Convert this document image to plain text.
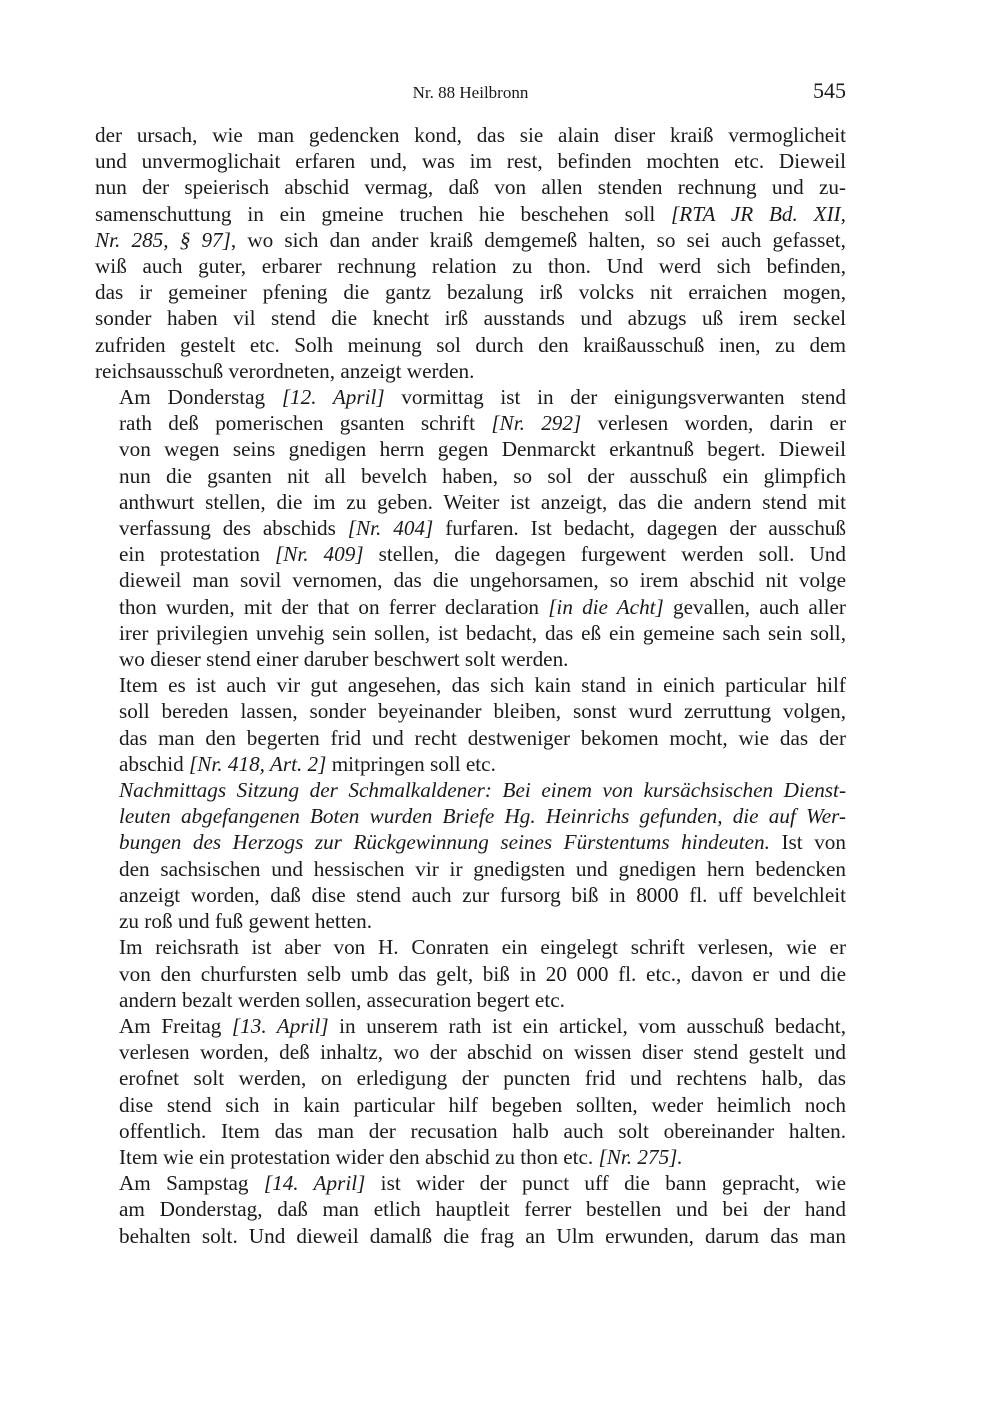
Nr. 88 Heilbronn	545

der ursach, wie man gedencken kond, das sie alain diser kraiß vermoglicheit
und unvermoglichait erfaren und, was im rest, befinden mochten etc. Dieweil
nun der speierisch abschid vermag, daß von allen stenden rechnung und zu-
samenschuttung in ein gmeine truchen hie beschehen soll [RTA JR Bd. XII,
Nr. 285, § 97], wo sich dan ander kraiß demgemeß halten, so sei auch gefasset,
wiß auch guter, erbarer rechnung relation zu thon. Und werd sich befinden,
das ir gemeiner pfening die gantz bezalung irß volcks nit erraichen mogen,
sonder haben vil stend die knecht irß ausstands und abzugs uß irem seckel
zufriden gestelt etc. Solh meinung sol durch den kraißausschuß inen, zu dem
reichsausschuß verordneten, anzeigt werden.

Am Donderstag [12. April] vormittag ist in der einigungsverwanten stend
rath deß pomerischen gsanten schrift [Nr. 292] verlesen worden, darin er
von wegen seins gnedigen herrn gegen Denmarckt erkantnuß begert. Dieweil
nun die gsanten nit all bevelch haben, so sol der ausschuß ein glimpfich
anthwurt stellen, die im zu geben. Weiter ist anzeigt, das die andern stend mit
verfassung des abschids [Nr. 404] furfaren. Ist bedacht, dagegen der ausschuß
ein protestation [Nr. 409] stellen, die dagegen furgewent werden soll. Und
dieweil man sovil vernomen, das die ungehorsamen, so irem abschid nit volge
thon wurden, mit der that on ferrer declaration [in die Acht] gevallen, auch aller
irer privilegien unvehig sein sollen, ist bedacht, das eß ein gemeine sach sein soll,
wo dieser stend einer daruber beschwert solt werden.

Item es ist auch vir gut angesehen, das sich kain stand in einich particular hilf
soll bereden lassen, sonder beyeinander bleiben, sonst wurd zerruttung volgen,
das man den begerten frid und recht destweniger bekomen mocht, wie das der
abschid [Nr. 418, Art. 2] mitpringen soll etc.

Nachmittags Sitzung der Schmalkaldener: Bei einem von kursächsischen Dienst-
leuten abgefangenen Boten wurden Briefe Hg. Heinrichs gefunden, die auf Wer-
bungen des Herzogs zur Rückgewinnung seines Fürstentums hindeuten. Ist von
den sachsischen und hessischen vir ir gnedigsten und gnedigen hern bedencken
anzeigt worden, daß dise stend auch zur fursorg biß in 8000 fl. uff bevelchleit
zu roß und fuß gewent hetten.

Im reichsrath ist aber von H. Conraten ein eingelegt schrift verlesen, wie er
von den churfursten selb umb das gelt, biß in 20 000 fl. etc., davon er und die
andern bezalt werden sollen, assecuration begert etc.

Am Freitag [13. April] in unserem rath ist ein artickel, vom ausschuß bedacht,
verlesen worden, deß inhaltz, wo der abschid on wissen diser stend gestelt und
erofnet solt werden, on erledigung der puncten frid und rechtens halb, das
dise stend sich in kain particular hilf begeben sollten, weder heimlich noch
offentlich. Item das man der recusation halb auch solt obereinander halten.
Item wie ein protestation wider den abschid zu thon etc. [Nr. 275].

Am Sampstag [14. April] ist wider der punct uff die bann gepracht, wie
am Donderstag, daß man etlich hauptleit ferrer bestellen und bei der hand
behalten solt. Und dieweil damalß die frag an Ulm erwunden, darum das man
